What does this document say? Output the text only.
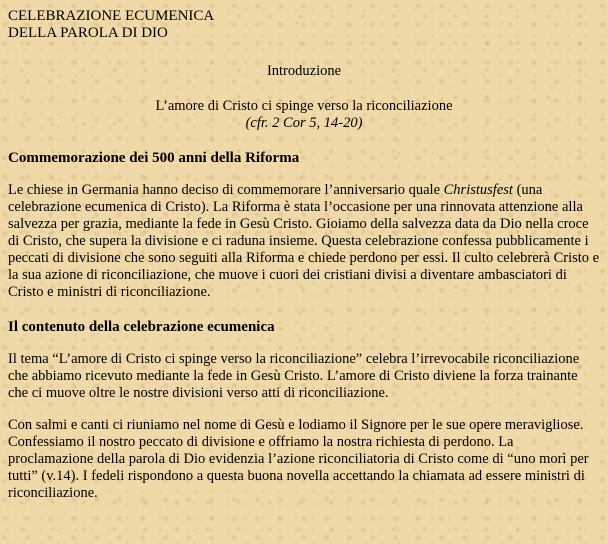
CELEBRAZIONE ECUMENICA
DELLA PAROLA DI DIO
Introduzione
L’amore di Cristo ci spinge verso la riconciliazione
(cfr. 2 Cor 5, 14-20)
Commemorazione dei 500 anni della Riforma

Le chiese in Germania hanno deciso di commemorare l’anniversario quale Christusfest (una celebrazione ecumenica di Cristo). La Riforma è stata l’occasione per una rinnovata attenzione alla salvezza per grazia, mediante la fede in Gesù Cristo. Gioiamo della salvezza data da Dio nella croce di Cristo, che supera la divisione e ci raduna insieme. Questa celebrazione confessa pubblicamente i peccati di divisione che sono seguiti alla Riforma e chiede perdono per essi. Il culto celebrerà Cristo e la sua azione di riconciliazione, che muove i cuori dei cristiani divisi a diventare ambasciatori di Cristo e ministri di riconciliazione.

Il contenuto della celebrazione ecumenica

Il tema “L’amore di Cristo ci spinge verso la riconciliazione” celebra l’irrevocabile riconciliazione che abbiamo ricevuto mediante la fede in Gesù Cristo. L’amore di Cristo diviene la forza trainante che ci muove oltre le nostre divisioni verso atti di riconciliazione.

Con salmi e canti ci riuniamo nel nome di Gesù e lodiamo il Signore per le sue opere meravigliose. Confessiamo il nostro peccato di divisione e offriamo la nostra richiesta di perdono. La proclamazione della parola di Dio evidenzia l’azione riconciliatoria di Cristo come di “uno morì per tutti” (v.14). I fedeli rispondono a questa buona novella accettando la chiamata ad essere ministri di riconciliazione.
